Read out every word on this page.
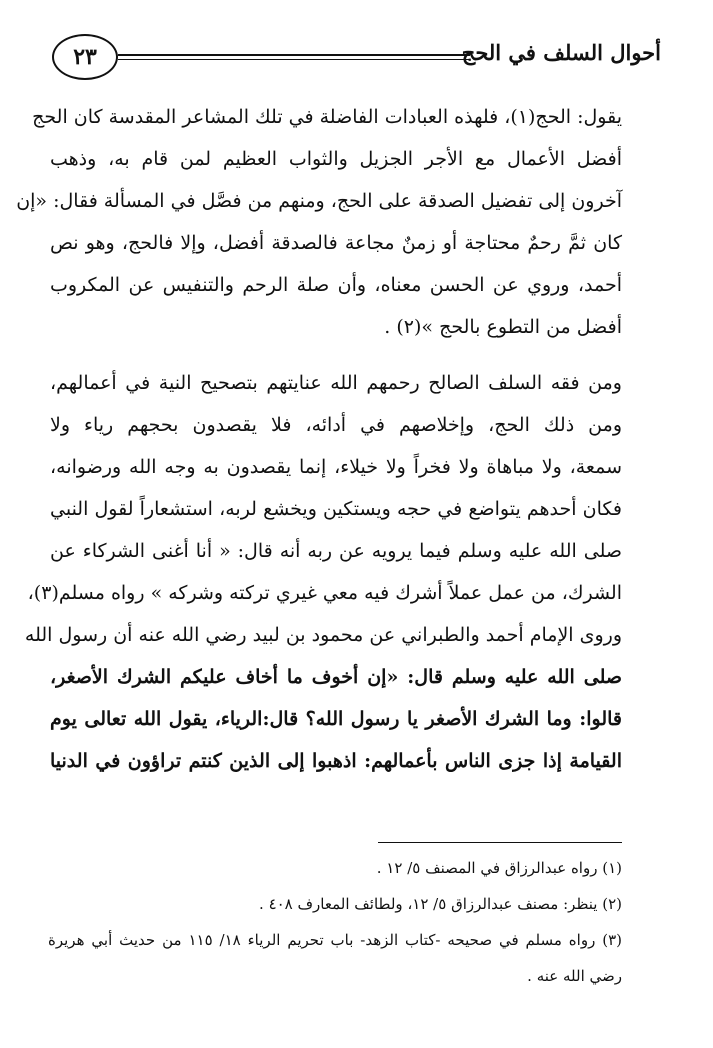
٢٣	أحوال السلف في الحج
يقول: الحج(١)، فلهذه العبادات الفاضلة في تلك المشاعر المقدسة كان الحج
أفضل الأعمال مع الأجر الجزيل والثواب العظيم لمن قام به، وذهب
آخرون إلى تفضيل الصدقة على الحج، ومنهم من فصَّل في المسألة فقال: «إن
كان ثمَّ رحمٌ محتاجة أو زمنٌ مجاعة فالصدقة أفضل، وإلا فالحج، وهو نص
أحمد، وروي عن الحسن معناه، وأن صلة الرحم والتنفيس عن المكروب
أفضل من التطوع بالحج »(٢) .
ومن فقه السلف الصالح رحمهم الله عنايتهم بتصحيح النية في أعمالهم،
ومن ذلك الحج، وإخلاصهم في أدائه، فلا يقصدون بحجهم رياء ولا
سمعة، ولا مباهاة ولا فخراً ولا خيلاء، إنما يقصدون به وجه الله ورضوانه،
فكان أحدهم يتواضع في حجه ويستكين ويخشع لربه، استشعاراً لقول النبي
صلى الله عليه وسلم فيما يرويه عن ربه أنه قال: « أنا أغنى الشركاء عن
الشرك، من عمل عملاً أشرك فيه معي غيري تركته وشركه » رواه مسلم(٣)،
وروى الإمام أحمد والطبراني عن محمود بن لبيد رضي الله عنه أن رسول الله
صلى الله عليه وسلم قال: «إن أخوف ما أخاف عليكم الشرك الأصغر،
قالوا: وما الشرك الأصغر يا رسول الله؟ قال:الرياء، يقول الله تعالى يوم
القيامة إذا جزى الناس بأعمالهم: اذهبوا إلى الذين كنتم تراؤون في الدنيا
(١) رواه عبدالرزاق في المصنف ٥/ ١٢ .
(٢) ينظر: مصنف عبدالرزاق ٥/ ١٢، ولطائف المعارف ٤٠٨ .
(٣) رواه مسلم في صحيحه -كتاب الزهد- باب تحريم الرياء ١٨/ ١١٥ من حديث أبي هريرة
رضي الله عنه .
